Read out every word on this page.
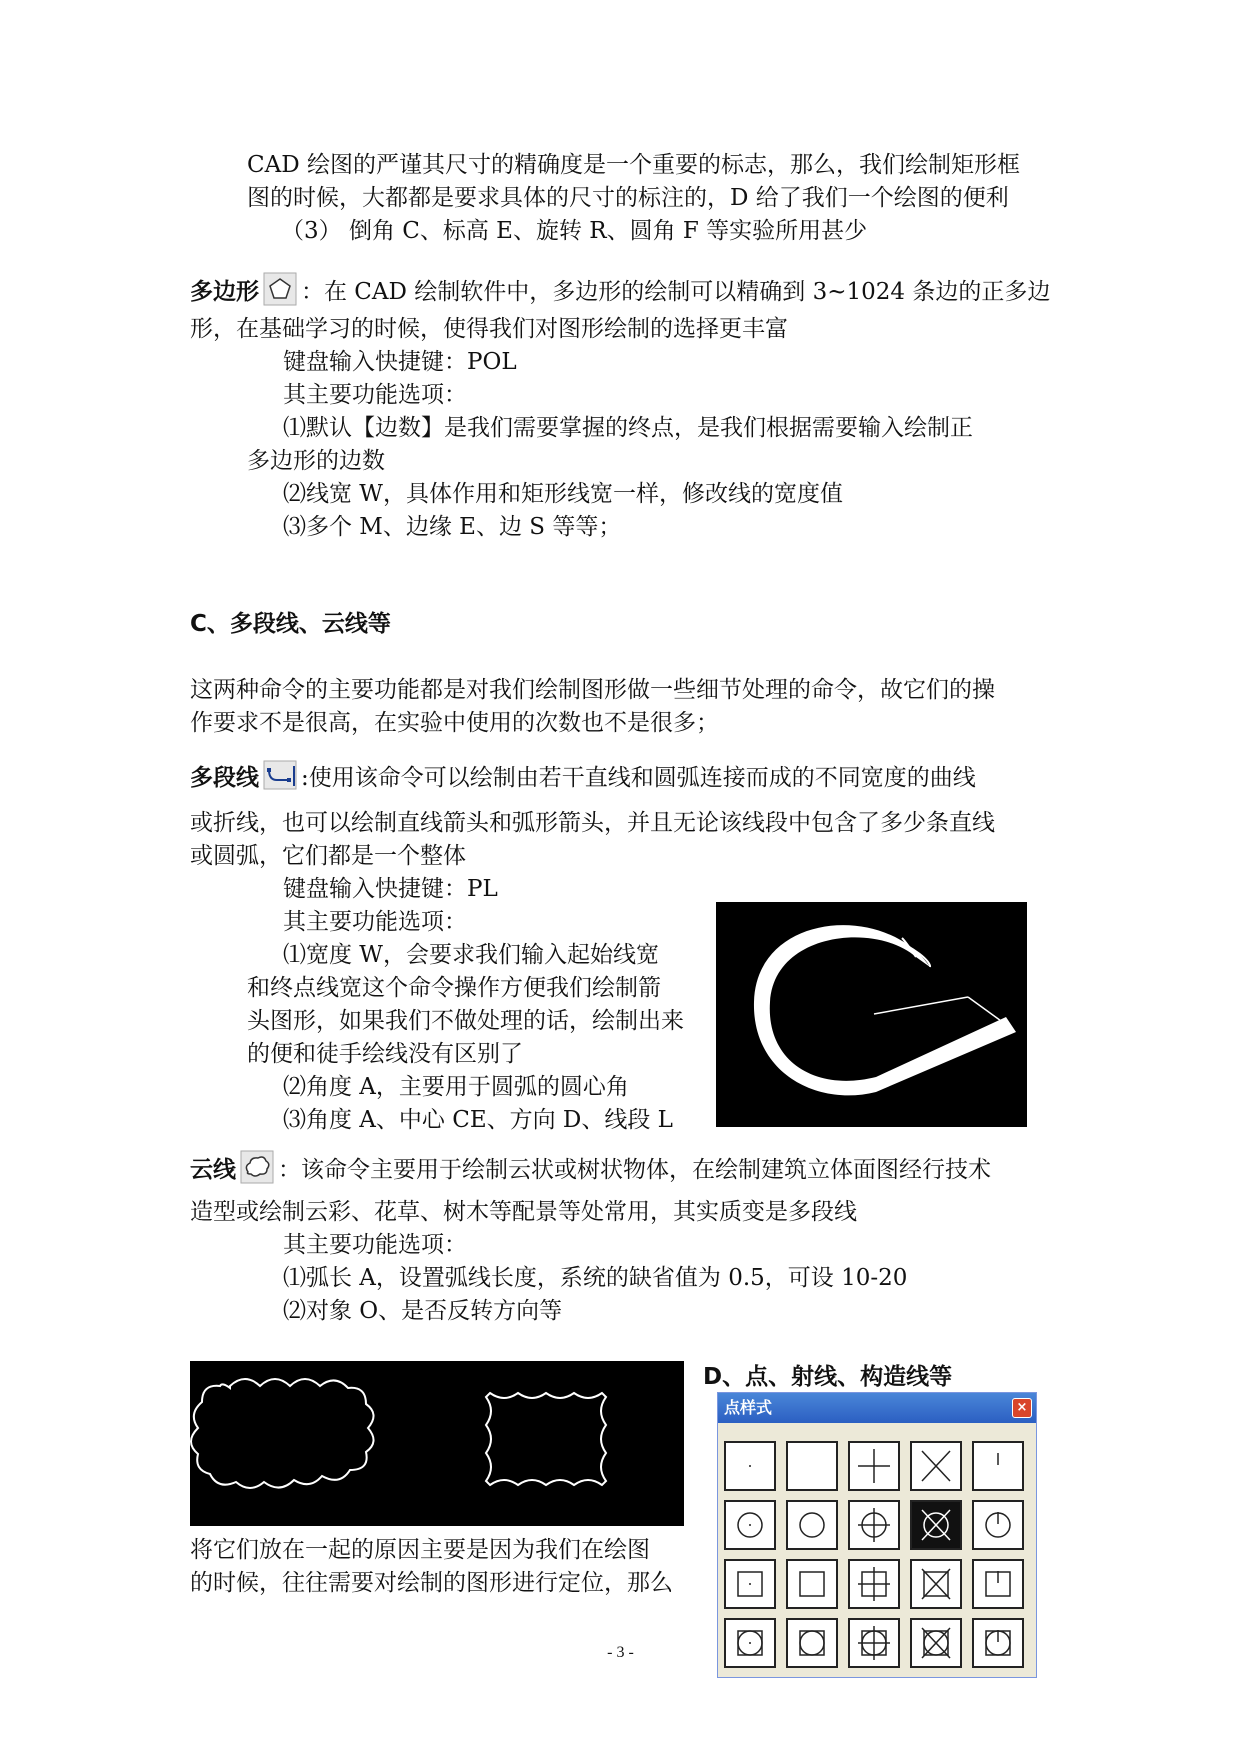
CAD 绘图的严谨其尺寸的精确度是一个重要的标志，那么，我们绘制矩形框
图的时候，大都都是要求具体的尺寸的标注的，D 给了我们一个绘图的便利
（3） 倒角 C、标高 E、旋转 R、圆角 F 等实验所用甚少
多边形 ：在 CAD 绘制软件中，多边形的绘制可以精确到 3~1024 条边的正多边
形，在基础学习的时候，使得我们对图形绘制的选择更丰富
键盘输入快捷键：POL
其主要功能选项：
⑴默认【边数】是我们需要掌握的终点，是我们根据需要输入绘制正
多边形的边数
⑵线宽 W，具体作用和矩形线宽一样，修改线的宽度值
⑶多个 M、边缘 E、边 S 等等；
C、多段线、云线等
这两种命令的主要功能都是对我们绘制图形做一些细节处理的命令，故它们的操
作要求不是很高，在实验中使用的次数也不是很多；
多段线 :使用该命令可以绘制由若干直线和圆弧连接而成的不同宽度的曲线
或折线，也可以绘制直线箭头和弧形箭头，并且无论该线段中包含了多少条直线
或圆弧，它们都是一个整体
键盘输入快捷键：PL
其主要功能选项：
⑴宽度 W，会要求我们输入起始线宽
和终点线宽这个命令操作方便我们绘制箭
头图形，如果我们不做处理的话，绘制出来
的便和徒手绘线没有区别了
⑵角度 A，主要用于圆弧的圆心角
⑶角度 A、中心 CE、方向 D、线段 L
云线 ：该命令主要用于绘制云状或树状物体，在绘制建筑立体面图经行技术
造型或绘制云彩、花草、树木等配景等处常用，其实质变是多段线
其主要功能选项：
⑴弧长 A，设置弧线长度，系统的缺省值为 0.5，可设 10-20
⑵对象 O、是否反转方向等
将它们放在一起的原因主要是因为我们在绘图
的时候，往往需要对绘制的图形进行定位，那么
D、点、射线、构造线等
点样式	×
- 3 -
